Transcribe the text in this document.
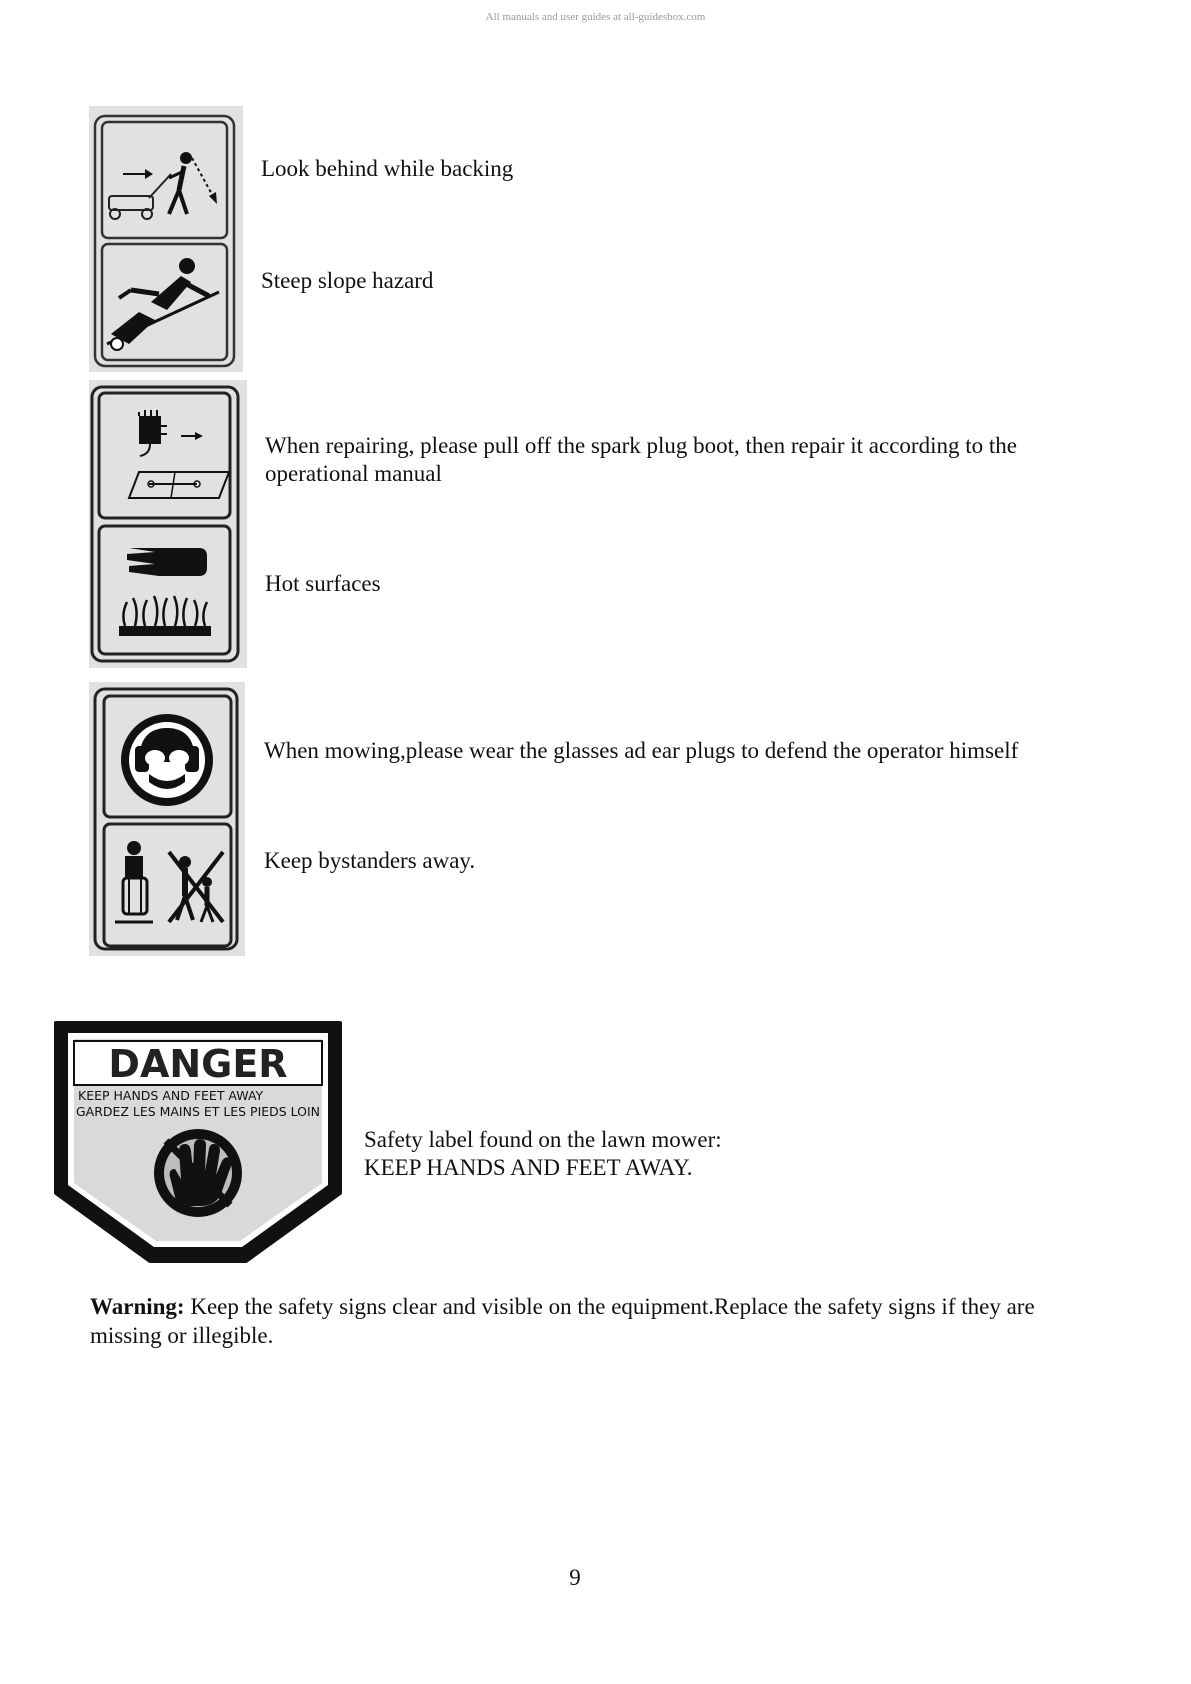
All manuals and user guides at all-guidesbox.com
Look behind while backing
Steep slope hazard
When repairing, please pull off the spark plug boot, then repair it according to the operational manual
Hot surfaces
When mowing,please wear the glasses ad ear plugs to defend the operator himself
Keep bystanders away.
DANGER
KEEP HANDS AND FEET AWAY
GARDEZ LES MAINS ET LES PIEDS LOIN
Safety label found on the lawn mower:
KEEP HANDS AND FEET AWAY.
Warning: Keep the safety signs clear and visible on the equipment.Replace the safety signs if they are missing or illegible.
9
